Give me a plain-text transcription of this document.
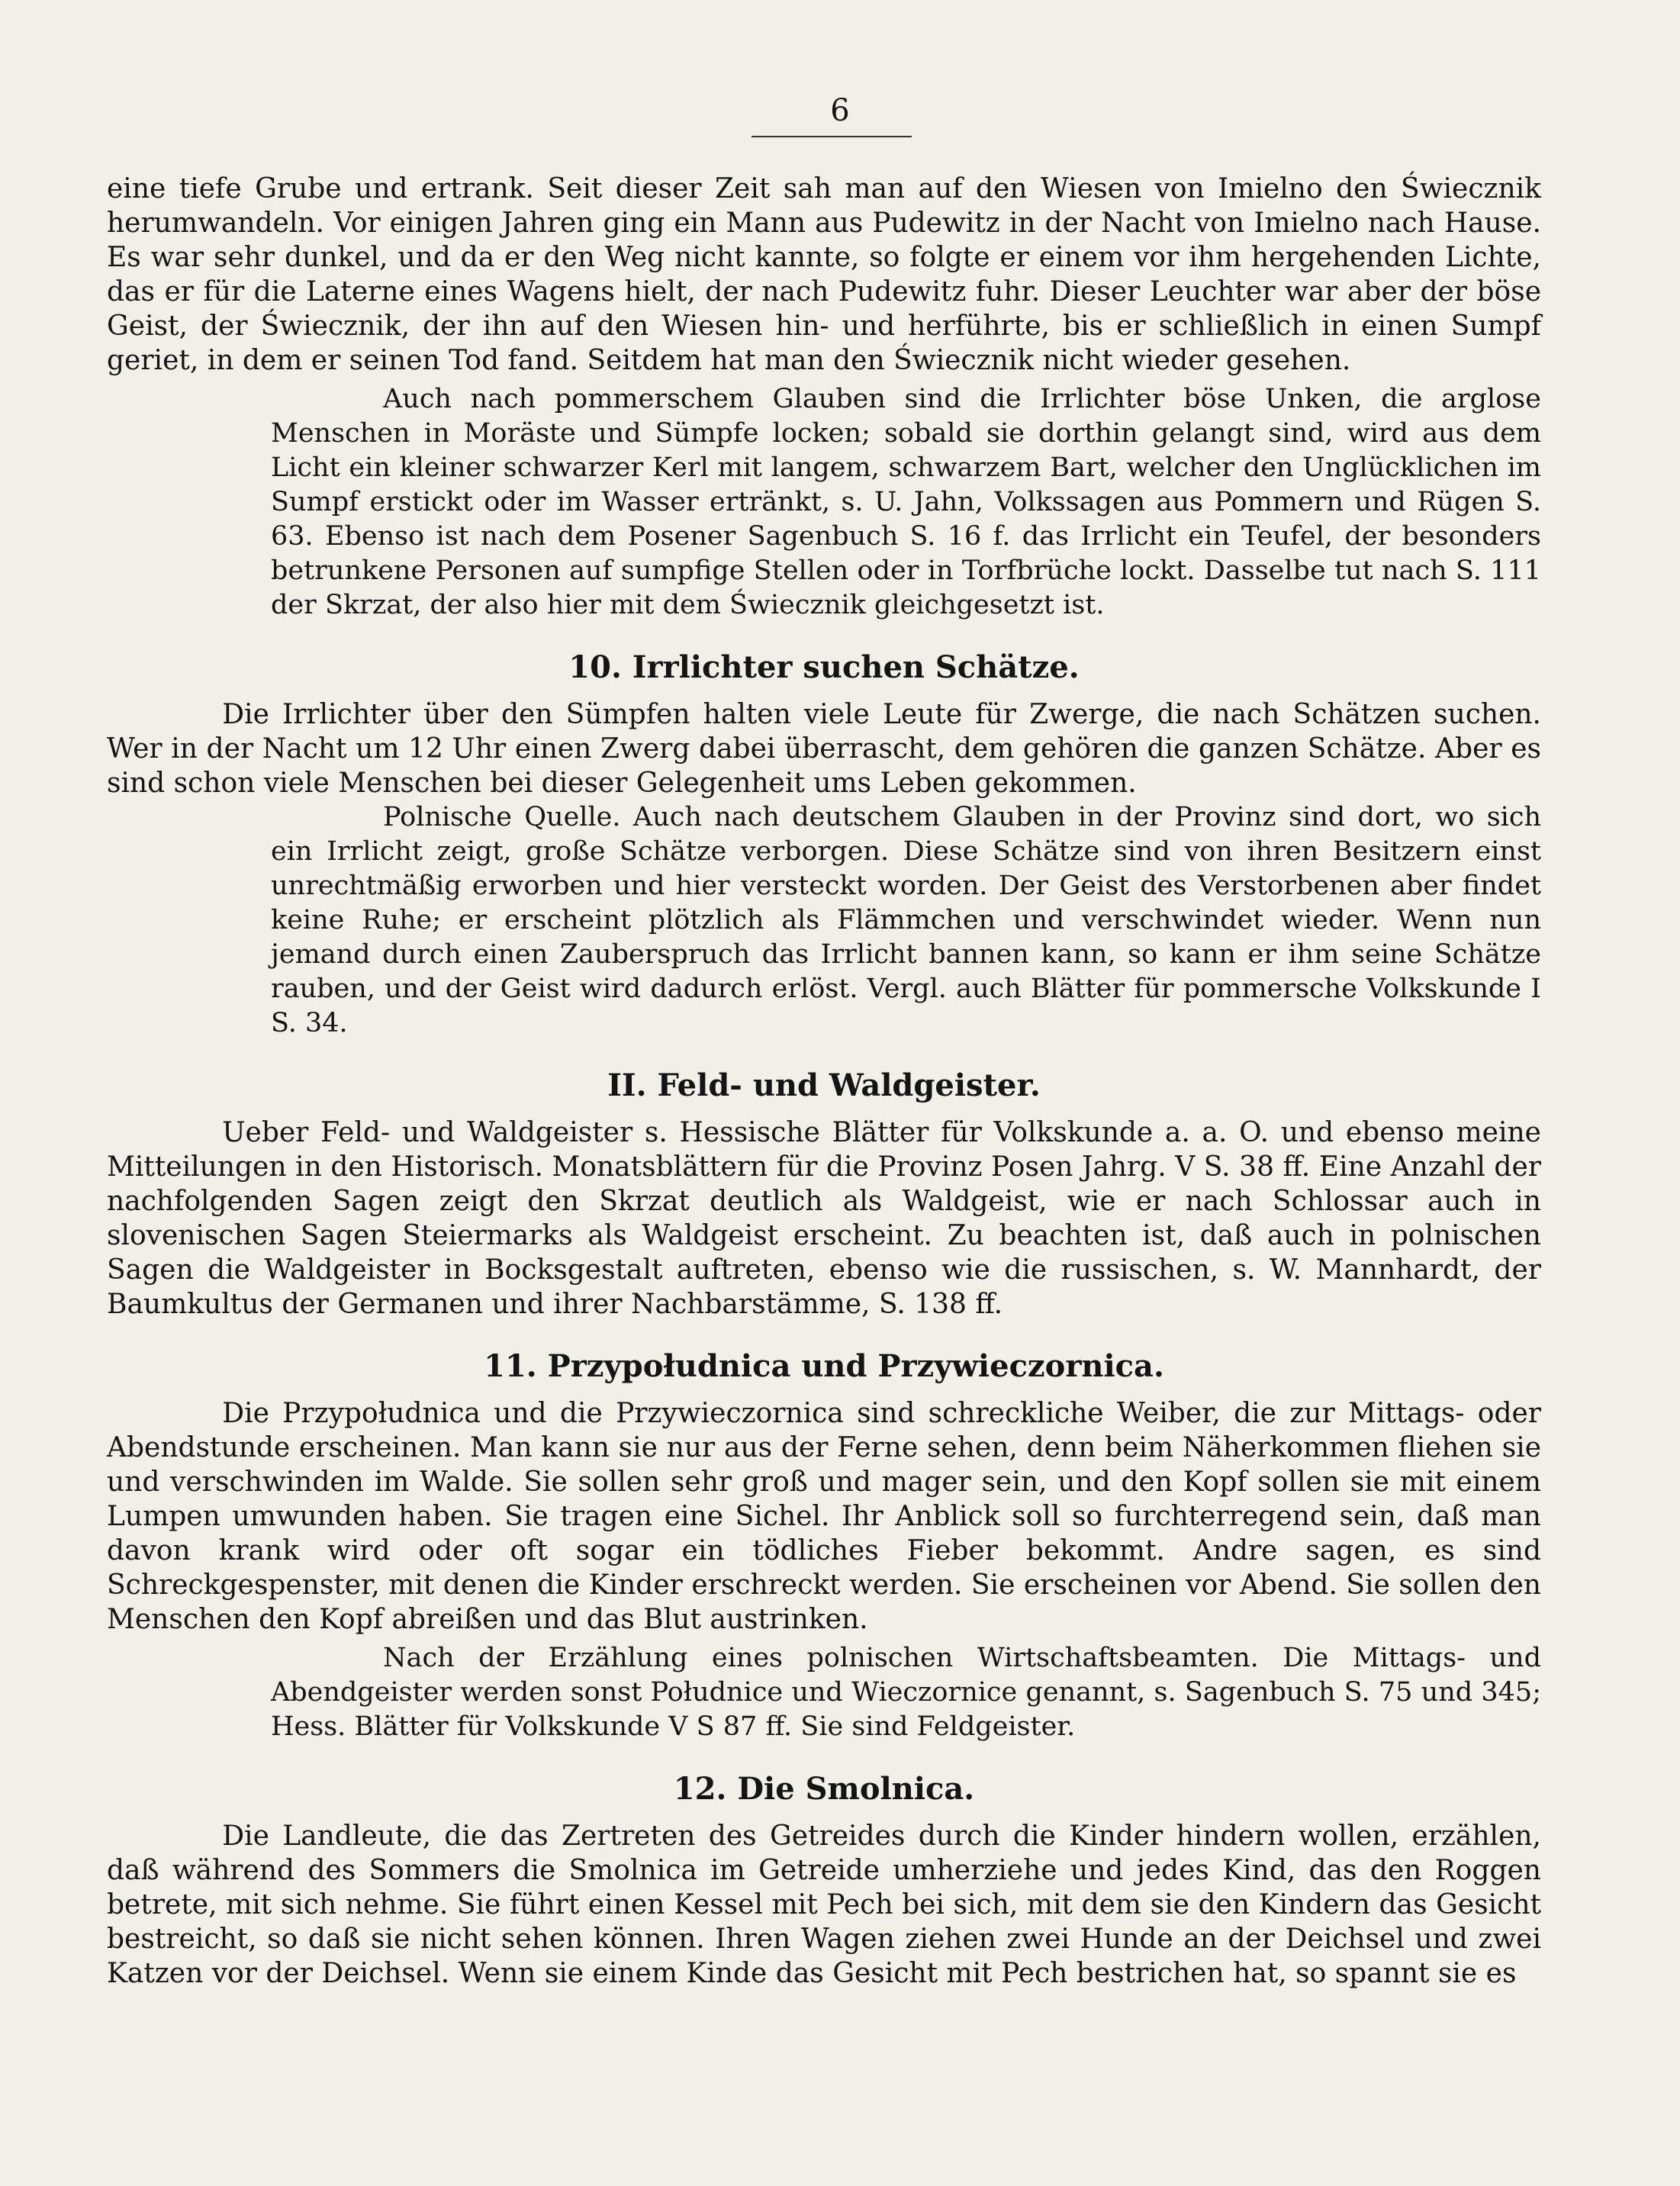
6

eine tiefe Grube und ertrank. Seit dieser Zeit sah man auf den Wiesen von Imielno den Świecznik herumwandeln. Vor einigen Jahren ging ein Mann aus Pudewitz in der Nacht von Imielno nach Hause. Es war sehr dunkel, und da er den Weg nicht kannte, so folgte er einem vor ihm hergehenden Lichte, das er für die Laterne eines Wagens hielt, der nach Pudewitz fuhr. Dieser Leuchter war aber der böse Geist, der Świecznik, der ihn auf den Wiesen hin- und herführte, bis er schließlich in einen Sumpf geriet, in dem er seinen Tod fand. Seitdem hat man den Świecznik nicht wieder gesehen.

Auch nach pommerschem Glauben sind die Irrlichter böse Unken, die arglose Menschen in Moräste und Sümpfe locken; sobald sie dorthin gelangt sind, wird aus dem Licht ein kleiner schwarzer Kerl mit langem, schwarzem Bart, welcher den Unglücklichen im Sumpf erstickt oder im Wasser ertränkt, s. U. Jahn, Volkssagen aus Pommern und Rügen S. 63. Ebenso ist nach dem Posener Sagenbuch S. 16 f. das Irrlicht ein Teufel, der besonders betrunkene Personen auf sumpfige Stellen oder in Torfbrüche lockt. Dasselbe tut nach S. 111 der Skrzat, der also hier mit dem Świecznik gleichgesetzt ist.

10. Irrlichter suchen Schätze.

Die Irrlichter über den Sümpfen halten viele Leute für Zwerge, die nach Schätzen suchen. Wer in der Nacht um 12 Uhr einen Zwerg dabei überrascht, dem gehören die ganzen Schätze. Aber es sind schon viele Menschen bei dieser Gelegenheit ums Leben gekommen.

Polnische Quelle. Auch nach deutschem Glauben in der Provinz sind dort, wo sich ein Irrlicht zeigt, große Schätze verborgen. Diese Schätze sind von ihren Besitzern einst unrechtmäßig erworben und hier versteckt worden. Der Geist des Verstorbenen aber findet keine Ruhe; er erscheint plötzlich als Flämmchen und verschwindet wieder. Wenn nun jemand durch einen Zauberspruch das Irrlicht bannen kann, so kann er ihm seine Schätze rauben, und der Geist wird dadurch erlöst. Vergl. auch Blätter für pommersche Volkskunde I S. 34.

II. Feld- und Waldgeister.

Ueber Feld- und Waldgeister s. Hessische Blätter für Volkskunde a. a. O. und ebenso meine Mitteilungen in den Historisch. Monatsblättern für die Provinz Posen Jahrg. V S. 38 ff. Eine Anzahl der nachfolgenden Sagen zeigt den Skrzat deutlich als Waldgeist, wie er nach Schlossar auch in slovenischen Sagen Steiermarks als Waldgeist erscheint. Zu beachten ist, daß auch in polnischen Sagen die Waldgeister in Bocksgestalt auftreten, ebenso wie die russischen, s. W. Mannhardt, der Baumkultus der Germanen und ihrer Nachbarstämme, S. 138 ff.

11. Przypołudnica und Przywieczornica.

Die Przypołudnica und die Przywieczornica sind schreckliche Weiber, die zur Mittags- oder Abendstunde erscheinen. Man kann sie nur aus der Ferne sehen, denn beim Näherkommen fliehen sie und verschwinden im Walde. Sie sollen sehr groß und mager sein, und den Kopf sollen sie mit einem Lumpen umwunden haben. Sie tragen eine Sichel. Ihr Anblick soll so furchterregend sein, daß man davon krank wird oder oft sogar ein tödliches Fieber bekommt. Andre sagen, es sind Schreckgespenster, mit denen die Kinder erschreckt werden. Sie erscheinen vor Abend. Sie sollen den Menschen den Kopf abreißen und das Blut austrinken.

Nach der Erzählung eines polnischen Wirtschaftsbeamten. Die Mittags- und Abendgeister werden sonst Południce und Wieczornice genannt, s. Sagenbuch S. 75 und 345; Hess. Blätter für Volkskunde V S 87 ff. Sie sind Feldgeister.

12. Die Smolnica.

Die Landleute, die das Zertreten des Getreides durch die Kinder hindern wollen, erzählen, daß während des Sommers die Smolnica im Getreide umherziehe und jedes Kind, das den Roggen betrete, mit sich nehme. Sie führt einen Kessel mit Pech bei sich, mit dem sie den Kindern das Gesicht bestreicht, so daß sie nicht sehen können. Ihren Wagen ziehen zwei Hunde an der Deichsel und zwei Katzen vor der Deichsel. Wenn sie einem Kinde das Gesicht mit Pech bestrichen hat, so spannt sie es
